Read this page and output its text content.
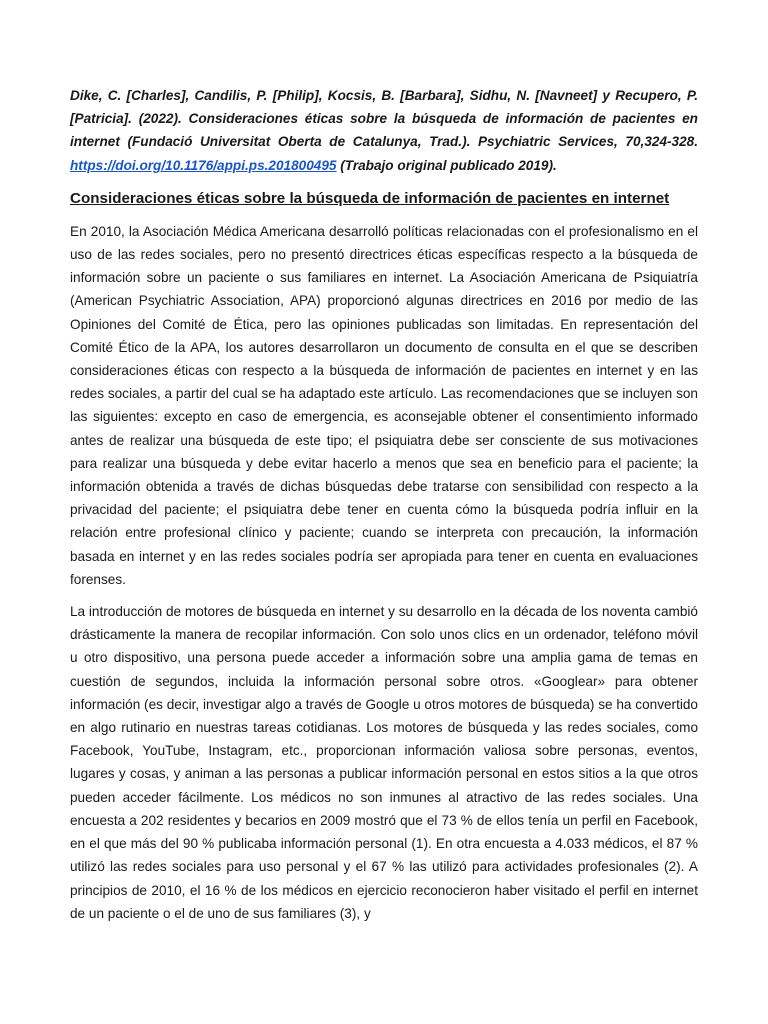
Dike, C. [Charles], Candilis, P. [Philip], Kocsis, B. [Barbara], Sidhu, N. [Navneet] y Recupero, P. [Patricia]. (2022). Consideraciones éticas sobre la búsqueda de información de pacientes en internet (Fundació Universitat Oberta de Catalunya, Trad.). Psychiatric Services, 70,324-328. https://doi.org/10.1176/appi.ps.201800495 (Trabajo original publicado 2019).

Consideraciones éticas sobre la búsqueda de información de pacientes en internet

En 2010, la Asociación Médica Americana desarrolló políticas relacionadas con el profesionalismo en el uso de las redes sociales, pero no presentó directrices éticas específicas respecto a la búsqueda de información sobre un paciente o sus familiares en internet. La Asociación Americana de Psiquiatría (American Psychiatric Association, APA) proporcionó algunas directrices en 2016 por medio de las Opiniones del Comité de Ética, pero las opiniones publicadas son limitadas. En representación del Comité Ético de la APA, los autores desarrollaron un documento de consulta en el que se describen consideraciones éticas con respecto a la búsqueda de información de pacientes en internet y en las redes sociales, a partir del cual se ha adaptado este artículo. Las recomendaciones que se incluyen son las siguientes: excepto en caso de emergencia, es aconsejable obtener el consentimiento informado antes de realizar una búsqueda de este tipo; el psiquiatra debe ser consciente de sus motivaciones para realizar una búsqueda y debe evitar hacerlo a menos que sea en beneficio para el paciente; la información obtenida a través de dichas búsquedas debe tratarse con sensibilidad con respecto a la privacidad del paciente; el psiquiatra debe tener en cuenta cómo la búsqueda podría influir en la relación entre profesional clínico y paciente; cuando se interpreta con precaución, la información basada en internet y en las redes sociales podría ser apropiada para tener en cuenta en evaluaciones forenses.

La introducción de motores de búsqueda en internet y su desarrollo en la década de los noventa cambió drásticamente la manera de recopilar información. Con solo unos clics en un ordenador, teléfono móvil u otro dispositivo, una persona puede acceder a información sobre una amplia gama de temas en cuestión de segundos, incluida la información personal sobre otros. «Googlear» para obtener información (es decir, investigar algo a través de Google u otros motores de búsqueda) se ha convertido en algo rutinario en nuestras tareas cotidianas. Los motores de búsqueda y las redes sociales, como Facebook, YouTube, Instagram, etc., proporcionan información valiosa sobre personas, eventos, lugares y cosas, y animan a las personas a publicar información personal en estos sitios a la que otros pueden acceder fácilmente. Los médicos no son inmunes al atractivo de las redes sociales. Una encuesta a 202 residentes y becarios en 2009 mostró que el 73 % de ellos tenía un perfil en Facebook, en el que más del 90 % publicaba información personal (1). En otra encuesta a 4.033 médicos, el 87 % utilizó las redes sociales para uso personal y el 67 % las utilizó para actividades profesionales (2). A principios de 2010, el 16 % de los médicos en ejercicio reconocieron haber visitado el perfil en internet de un paciente o el de uno de sus familiares (3), y
